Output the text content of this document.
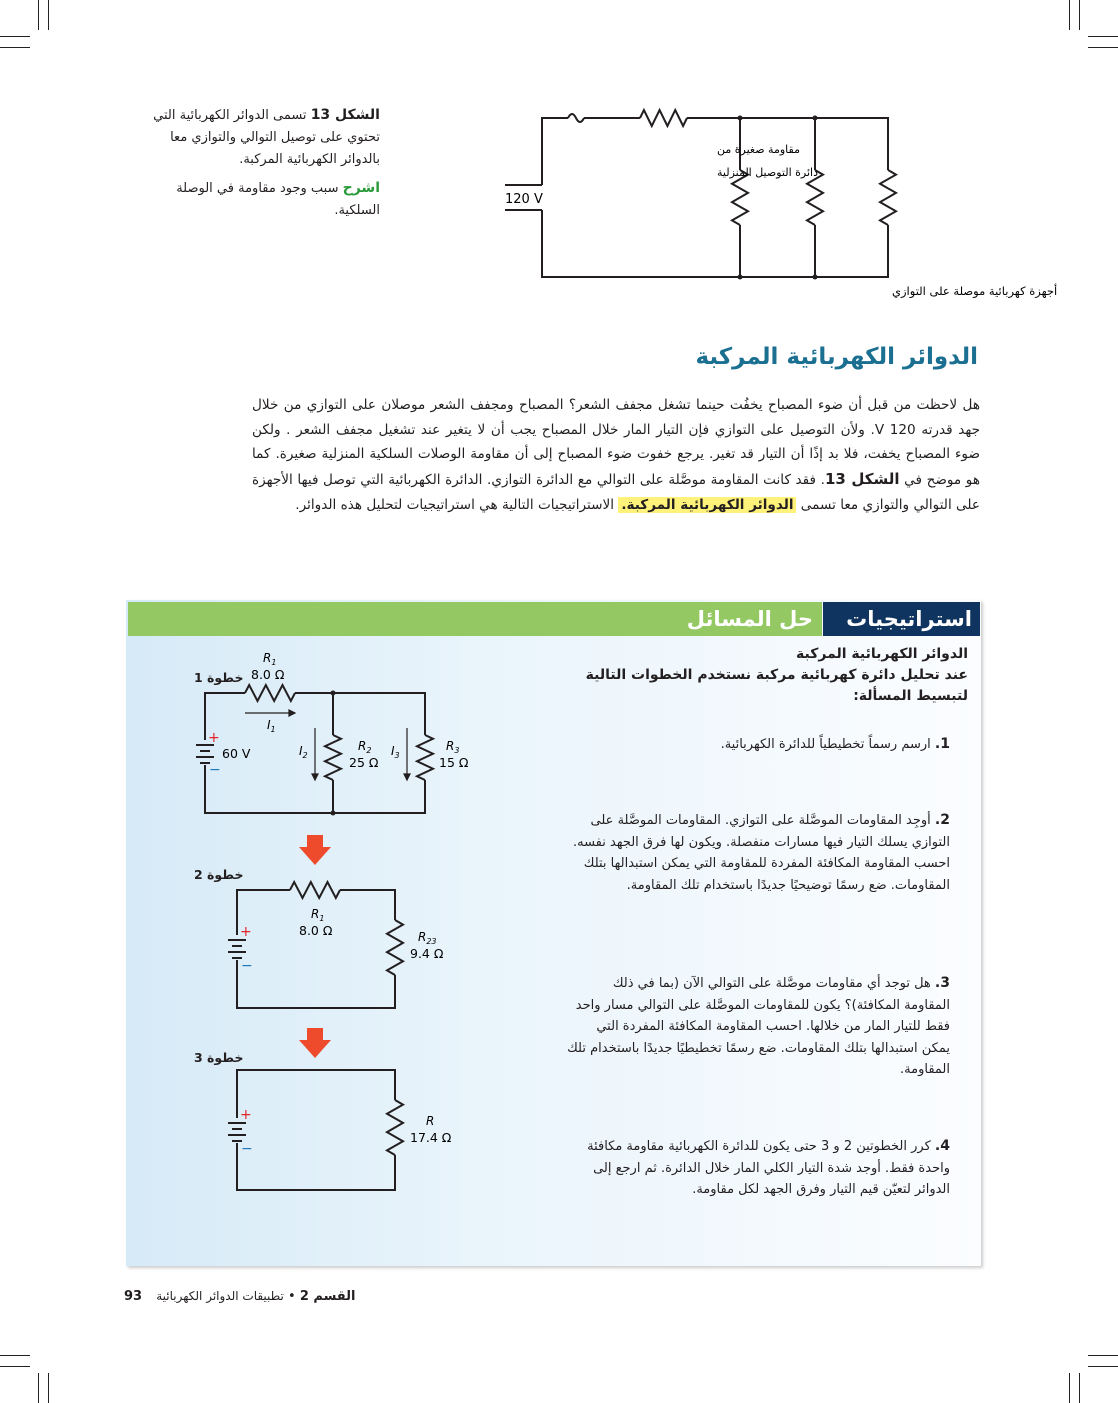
الشكل 13 تسمى الدوائر الكهربائية التي تحتوي على توصيل التوالي والتوازي معا بالدوائر الكهربائية المركبة.
اشرح سبب وجود مقاومة في الوصلة السلكية.
120 V
مقاومة صغيرة من
دائرة التوصيل المنزلية
أجهزة كهربائية موصلة على التوازي
الدوائر الكهربائية المركبة
هل لاحظت من قبل أن ضوء المصباح يخفُت حينما تشغل مجفف الشعر؟ المصباح ومجفف الشعر موصلان على التوازي من خلال جهد قدرته 120 V. ولأن التوصيل على التوازي فإن التيار المار خلال المصباح يجب أن لا يتغير عند تشغيل مجفف الشعر . ولكن ضوء المصباح يخفت، فلا بد إذًا أن التيار قد تغير. يرجع خفوت ضوء المصباح إلى أن مقاومة الوصلات السلكية المنزلية صغيرة. كما هو موضح في الشكل 13. فقد كانت المقاومة موصَّلة على التوالي مع الدائرة التوازي. الدائرة الكهربائية التي توصل فيها الأجهزة على التوالي والتوازي معا تسمى الدوائر الكهربائية المركبة. الاستراتيجيات التالية هي استراتيجيات لتحليل هذه الدوائر.
استراتيجيات
حل المسائل
الدوائر الكهربائية المركبة
عند تحليل دائرة كهربائية مركبة نستخدم الخطوات التالية لتبسيط المسألة:
1. ارسم رسماً تخطيطياً للدائرة الكهربائية.
2. أوجِد المقاومات الموصَّلة على التوازي. المقاومات الموصَّلة على التوازي يسلك التيار فيها مسارات منفصلة. ويكون لها فرق الجهد نفسه. احسب المقاومة المكافئة المفردة للمقاومة التي يمكن استبدالها بتلك المقاومات. ضع رسمًا توضيحيًا جديدًا باستخدام تلك المقاومة.
3. هل توجد أي مقاومات موصَّلة على التوالي الآن (بما في ذلك المقاومة المكافئة)؟ يكون للمقاومات الموصَّلة على التوالي مسار واحد فقط للتيار المار من خلالها. احسب المقاومة المكافئة المفردة التي يمكن استبدالها بتلك المقاومات. ضع رسمًا تخطيطيًا جديدًا باستخدام تلك المقاومة.
4. كرر الخطوتين 2 و 3 حتى يكون للدائرة الكهربائية مقاومة مكافئة واحدة فقط. أوجد شدة التيار الكلي المار خلال الدائرة. ثم ارجع إلى الدوائر لتعيّن قيم التيار وفرق الجهد لكل مقاومة.
خطوة 1
خطوة 2
خطوة 3
+
−
60 V
$R_1$
8.0 Ω
$I_1$
$I_2$
$R_2$
25 Ω
$I_3$
$R_3$
15 Ω
+
−
$R_1$
8.0 Ω	$R_{23}$
9.4 Ω
+
−
R
17.4 Ω
القسم 2 • تطبيقات الدوائر الكهربائية 93
